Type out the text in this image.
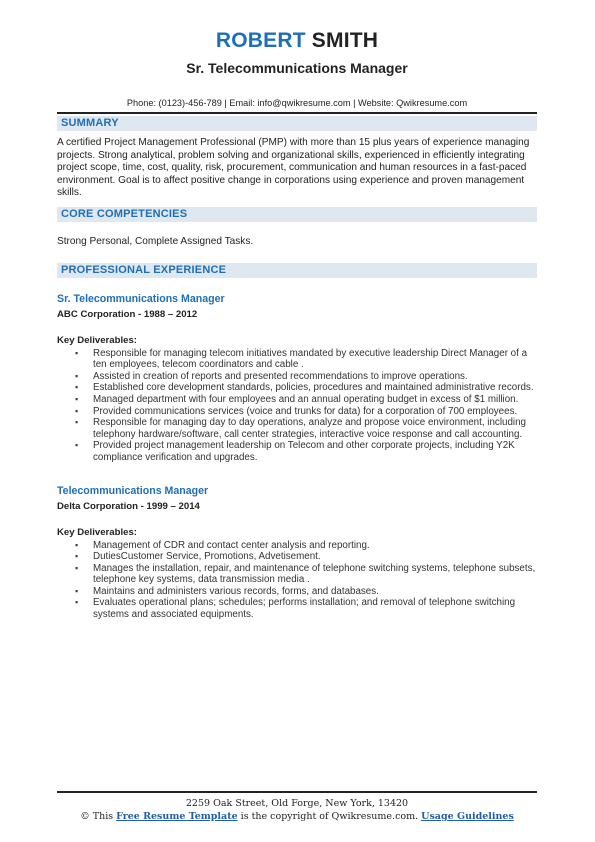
ROBERT SMITH
Sr. Telecommunications Manager
Phone: (0123)-456-789 | Email: info@qwikresume.com | Website: Qwikresume.com
SUMMARY
A certified Project Management Professional (PMP) with more than 15 plus years of experience managing projects. Strong analytical, problem solving and organizational skills, experienced in efficiently integrating project scope, time, cost, quality, risk, procurement, communication and human resources in a fast-paced environment. Goal is to affect positive change in corporations using experience and proven management skills.
CORE COMPETENCIES
Strong Personal, Complete Assigned Tasks.
PROFESSIONAL EXPERIENCE
Sr. Telecommunications Manager
ABC Corporation - 1988 – 2012
Key Deliverables:
▪ Responsible for managing telecom initiatives mandated by executive leadership Direct Manager of a ten employees, telecom coordinators and cable .
▪ Assisted in creation of reports and presented recommendations to improve operations.
▪ Established core development standards, policies, procedures and maintained administrative records.
▪ Managed department with four employees and an annual operating budget in excess of $1 million.
▪ Provided communications services (voice and trunks for data) for a corporation of 700 employees.
▪ Responsible for managing day to day operations, analyze and propose voice environment, including telephony hardware/software, call center strategies, interactive voice response and call accounting.
▪ Provided project management leadership on Telecom and other corporate projects, including Y2K compliance verification and upgrades.
Telecommunications Manager
Delta Corporation - 1999 – 2014
Key Deliverables:
▪ Management of CDR and contact center analysis and reporting.
▪ DutiesCustomer Service, Promotions, Advetisement.
▪ Manages the installation, repair, and maintenance of telephone switching systems, telephone subsets, telephone key systems, data transmission media .
▪ Maintains and administers various records, forms, and databases.
▪ Evaluates operational plans; schedules; performs installation; and removal of telephone switching systems and associated equipments.
2259 Oak Street, Old Forge, New York, 13420
© This Free Resume Template is the copyright of Qwikresume.com. Usage Guidelines
